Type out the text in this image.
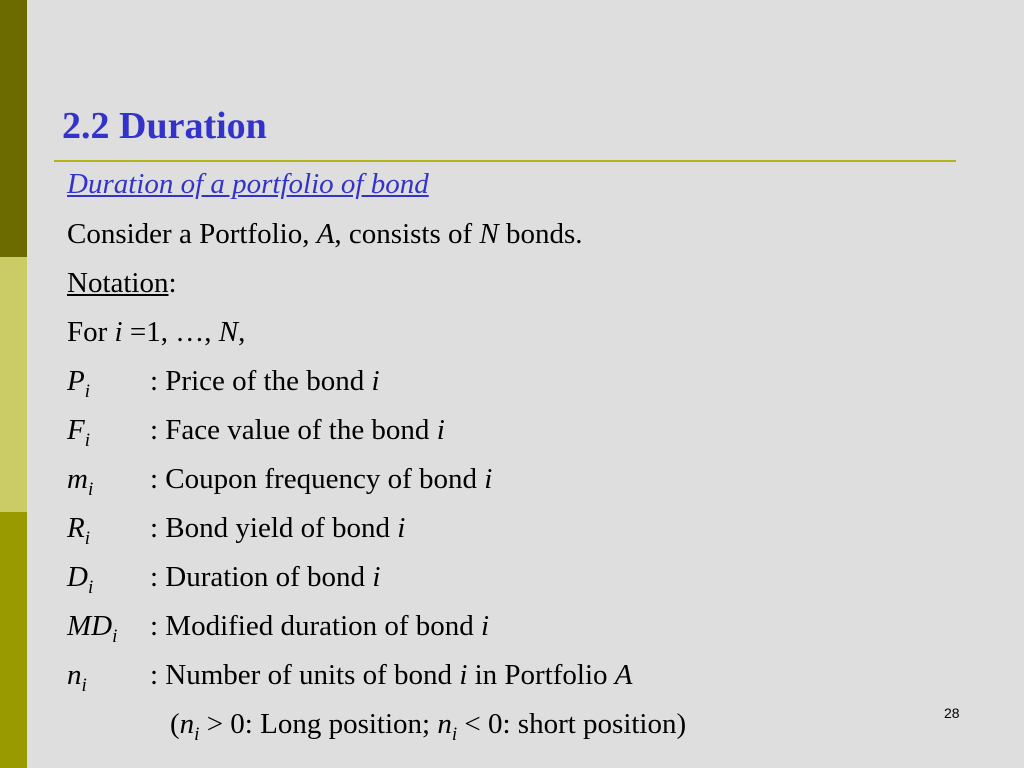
2.2 Duration
Duration of a portfolio of bond
Consider a Portfolio, A, consists of N bonds.
Notation:
For i =1, …, N,
$P_i$ : Price of the bond i
$F_i$ : Face value of the bond i
$m_i$ : Coupon frequency of bond i
$R_i$ : Bond yield of bond i
$D_i$ : Duration of bond i
$MD_i$ : Modified duration of bond i
$n_i$ : Number of units of bond i in Portfolio A
($n_i > 0$: Long position; $n_i < 0$: short position)	28
